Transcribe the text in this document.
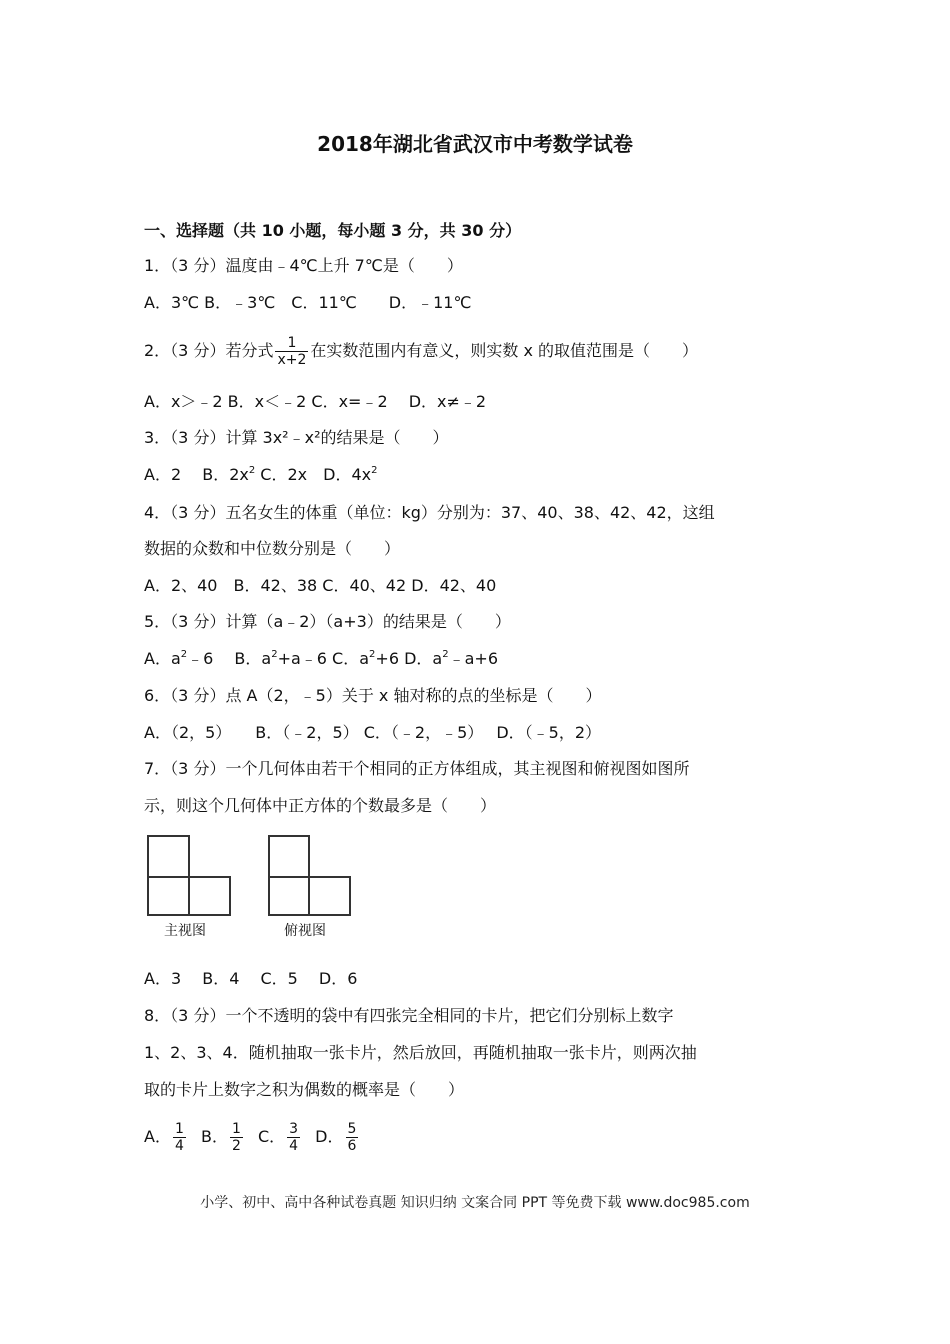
2018年湖北省武汉市中考数学试卷
一、选择题（共 10 小题，每小题 3 分，共 30 分）
1．（3 分）温度由﹣4℃上升 7℃是（　　）
A．3℃ B．﹣3℃　C．11℃　　D．﹣11℃
2．（3 分）若分式 $\frac{1}{x+2}$ 在实数范围内有意义，则实数 x 的取值范围是（　　）
A．x＞﹣2 B．x＜﹣2 C．x=﹣2 　D．x≠﹣2
3．（3 分）计算 3x²﹣x²的结果是（　　）
A．2　 B．$2x^2$ C．2x　D．$4x^2$
4．（3 分）五名女生的体重（单位：kg）分别为：37、40、38、42、42，这组
数据的众数和中位数分别是（　　）
A．2、40　B．42、38 C．40、42 D．42、40
5．（3 分）计算（a﹣2）（a+3）的结果是（　　）
A．$a^2﹣6$　 B．$a^2+a﹣6$ C．$a^2+6$ D．$a^2﹣a+6$
6．（3 分）点 A（2，﹣5）关于 x 轴对称的点的坐标是（　　）
A．（2，5）　　B．（﹣2，5） C．（﹣2，﹣5）　 D．（﹣5，2）
7．（3 分）一个几何体由若干个相同的正方体组成，其主视图和俯视图如图所
示，则这个几何体中正方体的个数最多是（　　）
主视图	俯视图
A．3　 B．4　 C．5　 D．6
8．（3 分）一个不透明的袋中有四张完全相同的卡片，把它们分别标上数字
1、2、3、4．随机抽取一张卡片，然后放回，再随机抽取一张卡片，则两次抽
取的卡片上数字之积为偶数的概率是（　　）
A． $\frac{1}{4}$ B． $\frac{1}{2}$ C． $\frac{3}{4}$ D． $\frac{5}{6}$
小学、初中、高中各种试卷真题 知识归纳 文案合同 PPT 等免费下载 www.doc985.com
